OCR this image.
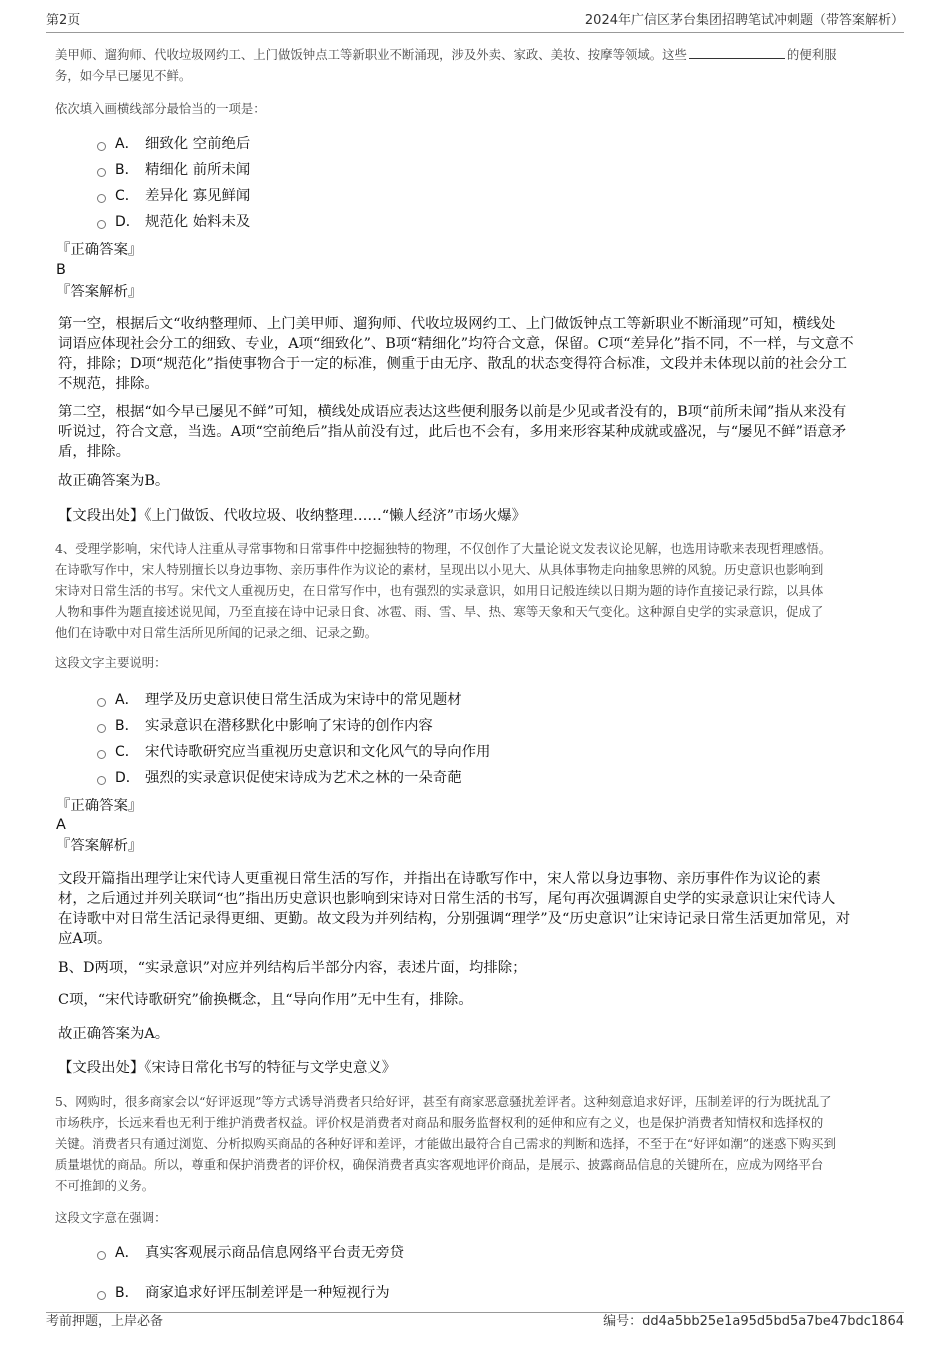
第2页	2024年广信区茅台集团招聘笔试冲刺题（带答案解析）
美甲师、遛狗师、代收垃圾网约工、上门做饭钟点工等新职业不断涌现，涉及外卖、家政、美妆、按摩等领域。这些	的便利服
务，如今早已屡见不鲜。
依次填入画横线部分最恰当的一项是：
A． 细致化 空前绝后
B． 精细化 前所未闻
C． 差异化 寡见鲜闻
D． 规范化 始料未及
『正确答案』
B
『答案解析』
第一空，根据后文“收纳整理师、上门美甲师、遛狗师、代收垃圾网约工、上门做饭钟点工等新职业不断涌现”可知，横线处
词语应体现社会分工的细致、专业，A项“细致化”、B项“精细化”均符合文意，保留。C项“差异化”指不同，不一样，与文意不
符，排除；D项“规范化”指使事物合于一定的标准，侧重于由无序、散乱的状态变得符合标准，文段并未体现以前的社会分工
不规范，排除。
第二空，根据“如今早已屡见不鲜”可知，横线处成语应表达这些便利服务以前是少见或者没有的，B项“前所未闻”指从来没有
听说过，符合文意，当选。A项“空前绝后”指从前没有过，此后也不会有，多用来形容某种成就或盛况，与“屡见不鲜”语意矛
盾，排除。
故正确答案为B。
【文段出处】《上门做饭、代收垃圾、收纳整理……“懒人经济”市场火爆》
4、受理学影响，宋代诗人注重从寻常事物和日常事件中挖掘独特的物理，不仅创作了大量论说文发表议论见解，也选用诗歌来表现哲理感悟。
在诗歌写作中，宋人特别擅长以身边事物、亲历事件作为议论的素材，呈现出以小见大、从具体事物走向抽象思辨的风貌。历史意识也影响到
宋诗对日常生活的书写。宋代文人重视历史，在日常写作中，也有强烈的实录意识，如用日记般连续以日期为题的诗作直接记录行踪，以具体
人物和事件为题直接述说见闻，乃至直接在诗中记录日食、冰雹、雨、雪、旱、热、寒等天象和天气变化。这种源自史学的实录意识，促成了
他们在诗歌中对日常生活所见所闻的记录之细、记录之勤。
这段文字主要说明：
A． 理学及历史意识使日常生活成为宋诗中的常见题材
B． 实录意识在潜移默化中影响了宋诗的创作内容
C． 宋代诗歌研究应当重视历史意识和文化风气的导向作用
D． 强烈的实录意识促使宋诗成为艺术之林的一朵奇葩
『正确答案』
A
『答案解析』
文段开篇指出理学让宋代诗人更重视日常生活的写作，并指出在诗歌写作中，宋人常以身边事物、亲历事件作为议论的素
材，之后通过并列关联词“也”指出历史意识也影响到宋诗对日常生活的书写，尾句再次强调源自史学的实录意识让宋代诗人
在诗歌中对日常生活记录得更细、更勤。故文段为并列结构，分别强调“理学”及“历史意识”让宋诗记录日常生活更加常见，对
应A项。
B、D两项，“实录意识”对应并列结构后半部分内容，表述片面，均排除；
C项，“宋代诗歌研究”偷换概念，且“导向作用”无中生有，排除。
故正确答案为A。
【文段出处】《宋诗日常化书写的特征与文学史意义》
5、网购时，很多商家会以“好评返现”等方式诱导消费者只给好评，甚至有商家恶意骚扰差评者。这种刻意追求好评，压制差评的行为既扰乱了
市场秩序，长远来看也无利于维护消费者权益。评价权是消费者对商品和服务监督权利的延伸和应有之义，也是保护消费者知情权和选择权的
关键。消费者只有通过浏览、分析拟购买商品的各种好评和差评，才能做出最符合自己需求的判断和选择，不至于在“好评如潮”的迷惑下购买到
质量堪忧的商品。所以，尊重和保护消费者的评价权，确保消费者真实客观地评价商品，是展示、披露商品信息的关键所在，应成为网络平台
不可推卸的义务。
这段文字意在强调：
A． 真实客观展示商品信息网络平台责无旁贷
B． 商家追求好评压制差评是一种短视行为
考前押题，上岸必备	编号：dd4a5bb25e1a95d5bd5a7be47bdc1864
